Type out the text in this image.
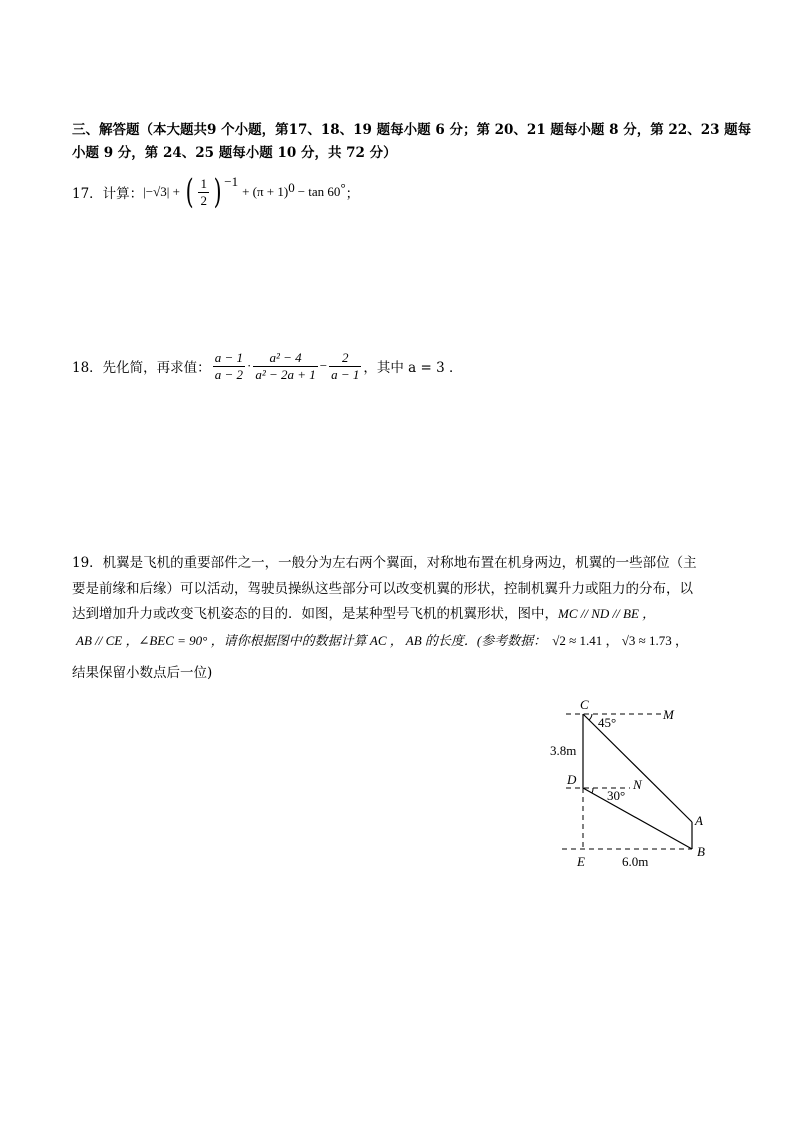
三、解答题（本大题共9 个小题，第17、18、19 题每小题 6 分；第 20、21 题每小题 8 分，第 22、23 题每
小题 9 分，第 24、25 题每小题 10 分，共 72 分）
17．计算： |−√3| + ( $\frac{1}{2}$ ) −1
+ (π + 1) 0 − tan 60 ° ；
18．先化简，再求值： $\frac{a - 1}{a - 2} \cdot \frac{\text{a² − 4}}{\text{a² − 2a + 1}} - \frac{2}{a - 1}$ ，其中 a = 3 ．
19．机翼是飞机的重要部件之一，一般分为左右两个翼面，对称地布置在机身两边，机翼的一些部位（主
要是前缘和后缘）可以活动，驾驶员操纵这些部分可以改变机翼的形状，控制机翼升力或阻力的分布，以
达到增加升力或改变飞机姿态的目的．如图，是某种型号飞机的机翼形状，图中，MC // ND // BE ，
AB // CE ，∠BEC = 90° ，请你根据图中的数据计算 AC ， AB 的长度．(参考数据： √2 ≈ 1.41 ， √3 ≈ 1.73 ，
结果保留小数点后一位)
C
M
45°
3.8m
D	N
30°
A
B
E	6.0m
